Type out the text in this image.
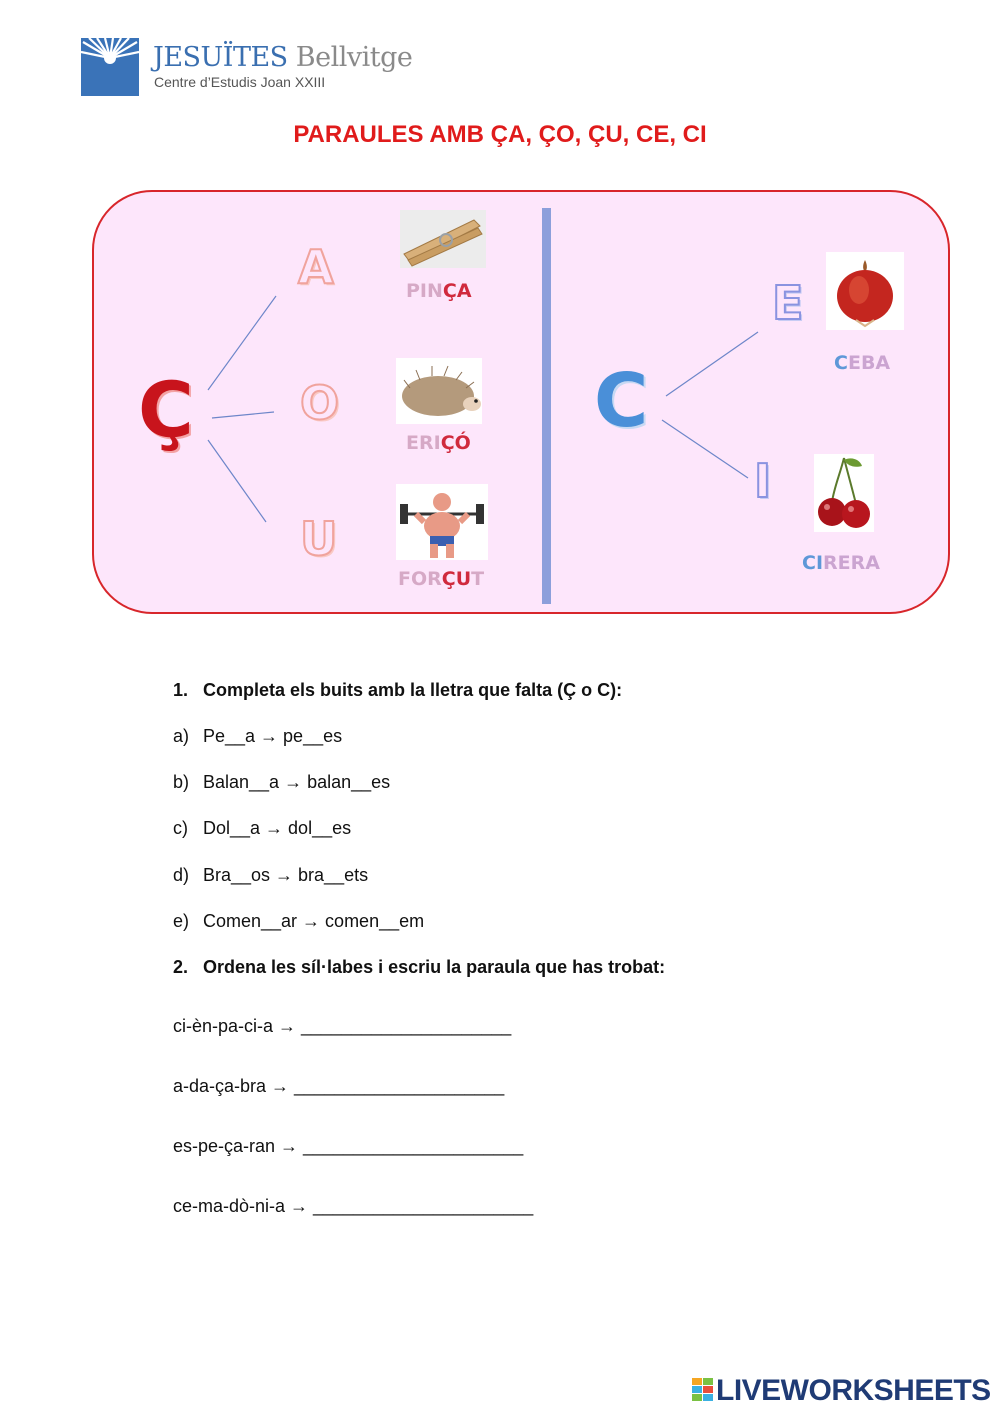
JESUÏTES Bellvitge
Centre d’Estudis Joan XXIII
PARAULES AMB ÇA, ÇO, ÇU, CE, CI
Ç	C
A
O
U
E
I
PINÇA
ERIÇÓ
FORÇUT
CEBA
CIRERA
1. Completa els buits amb la lletra que falta (Ç o C):
a) Pe__a → pe__es
b) Balan__a → balan__es
c) Dol__a → dol__es
d) Bra__os → bra__ets
e) Comen__ar → comen__em
2. Ordena les síl·labes i escriu la paraula que has trobat:
ci-èn-pa-ci-a → _____________________
a-da-ça-bra → _____________________
es-pe-ça-ran → ______________________
ce-ma-dò-ni-a → ______________________
LIVEWORKSHEETS
